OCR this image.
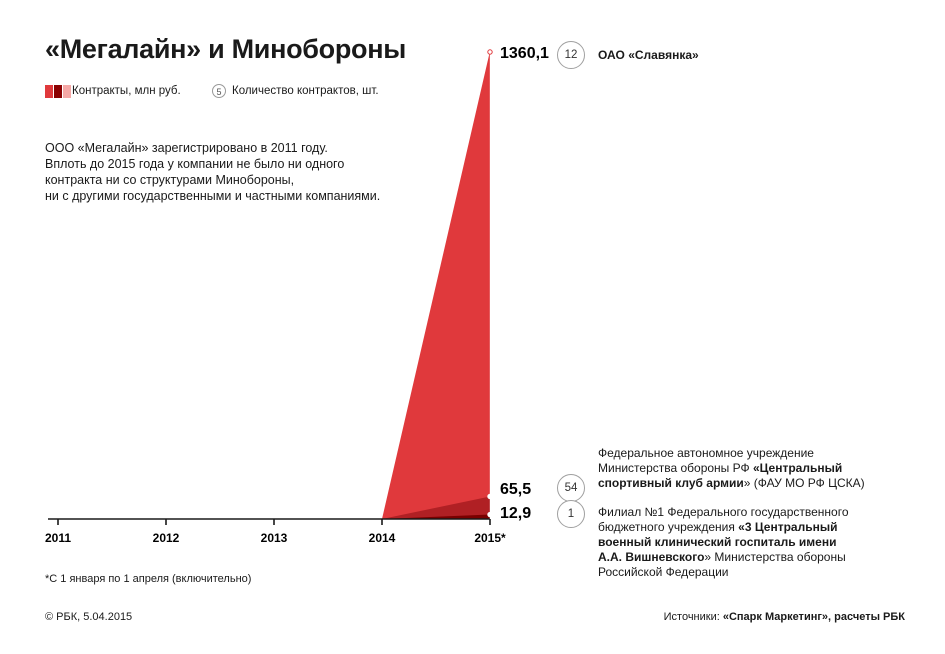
«Мегалайн» и Минобороны
Контракты, млн руб.	5 Количество контрактов, шт.
ООО «Мегалайн» зарегистрировано в 2011 году.
Вплоть до 2015 года у компании не было ни одного
контракта ни со структурами Минобороны,
ни с другими государственными и частными компаниями.
2011	2012	2013	2014	2015*
1360,1
65,5
12,9
12
54
1
ОАО «Славянка»
Федеральное автономное учреждение
Министерства обороны РФ «Центральный
спортивный клуб армии» (ФАУ МО РФ ЦСКА)
Филиал №1 Федерального государственного
бюджетного учреждения «3 Центральный
военный клинический госпиталь имени
А.А. Вишневского» Министерства обороны
Российской Федерации
*С 1 января по 1 апреля (включительно)
© РБК, 5.04.2015	Источники: «Спарк Маркетинг», расчеты РБК
